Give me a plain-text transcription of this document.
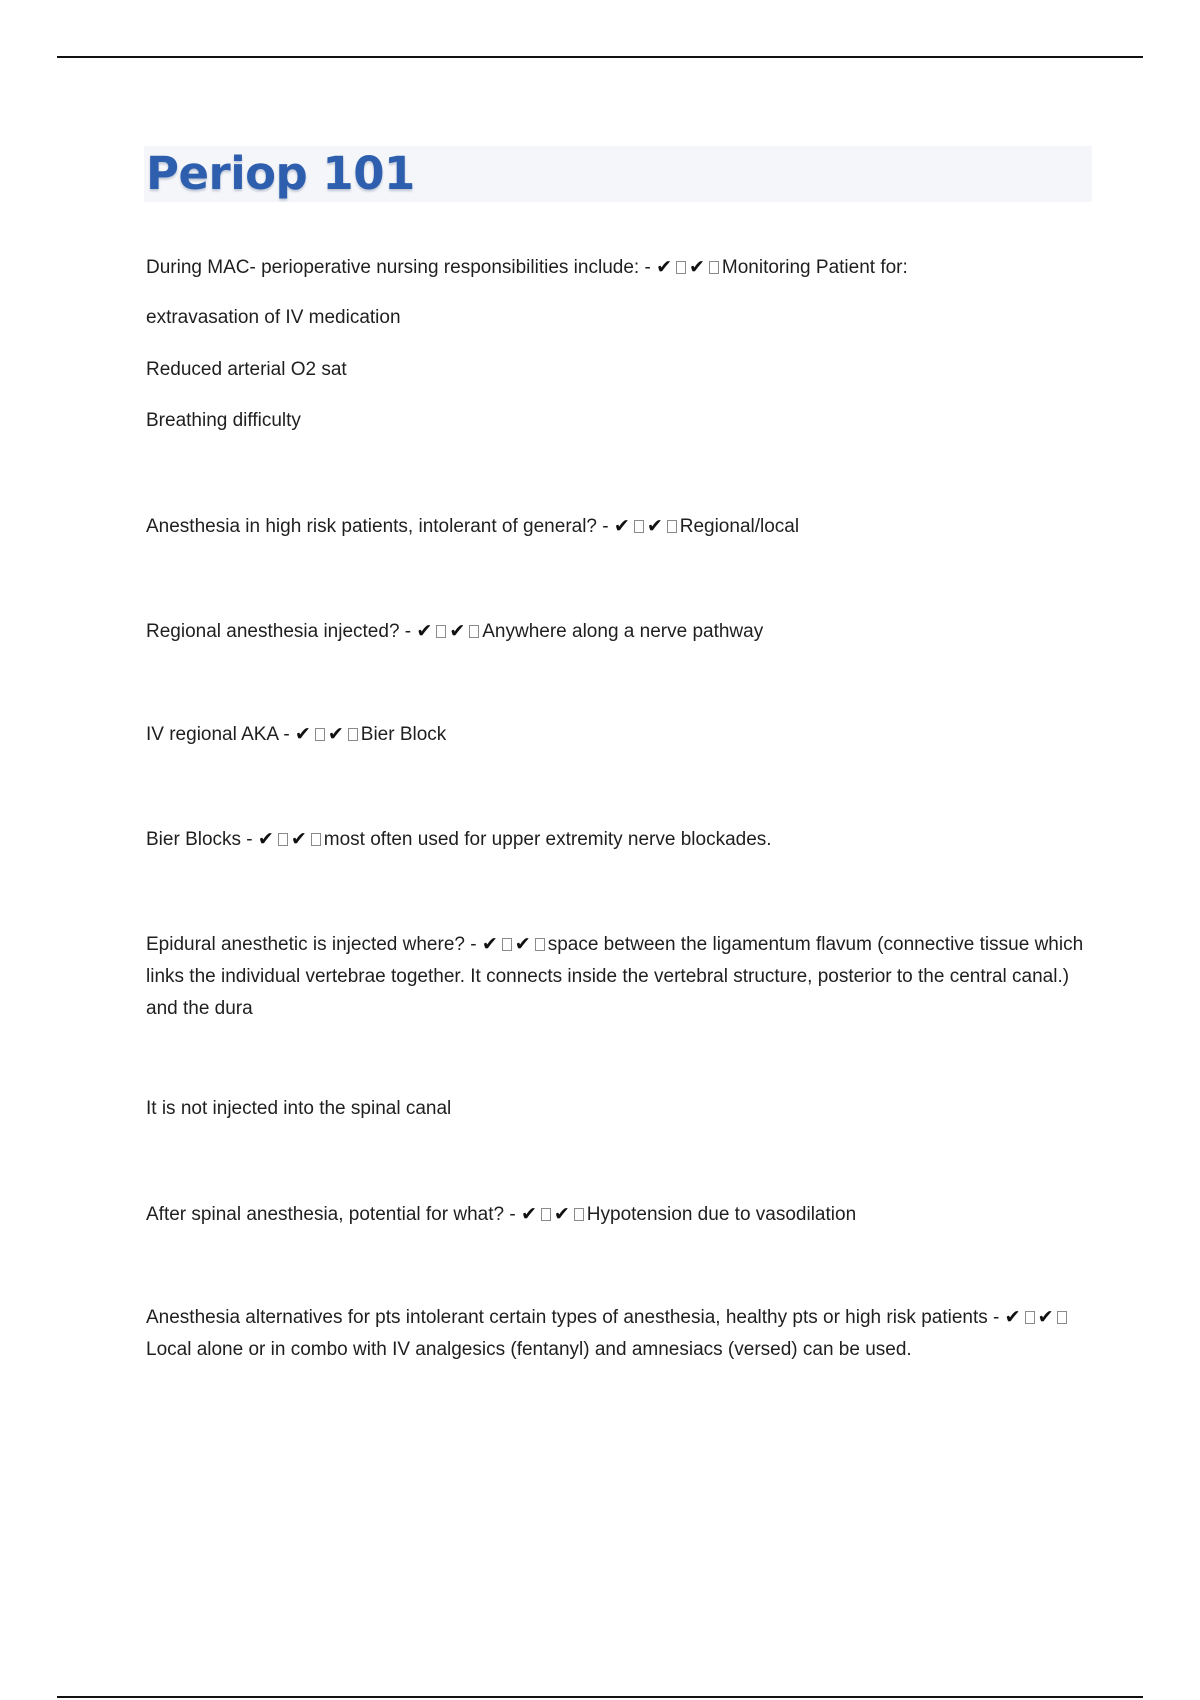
Periop 101

During MAC- perioperative nursing responsibilities include: - ✔ ✔ Monitoring Patient for:

extravasation of IV medication

Reduced arterial O2 sat

Breathing difficulty

Anesthesia in high risk patients, intolerant of general? - ✔ ✔ Regional/local

Regional anesthesia injected? - ✔ ✔ Anywhere along a nerve pathway

IV regional AKA - ✔ ✔ Bier Block

Bier Blocks - ✔ ✔ most often used for upper extremity nerve blockades.

Epidural anesthetic is injected where? - ✔ ✔ space between the ligamentum flavum (connective tissue which links the individual vertebrae together. It connects inside the vertebral structure, posterior to the central canal.) and the dura

It is not injected into the spinal canal

After spinal anesthesia, potential for what? - ✔ ✔ Hypotension due to vasodilation

Anesthesia alternatives for pts intolerant certain types of anesthesia, healthy pts or high risk patients - ✔ ✔Local alone or in combo with IV analgesics (fentanyl) and amnesiacs (versed) can be used.
